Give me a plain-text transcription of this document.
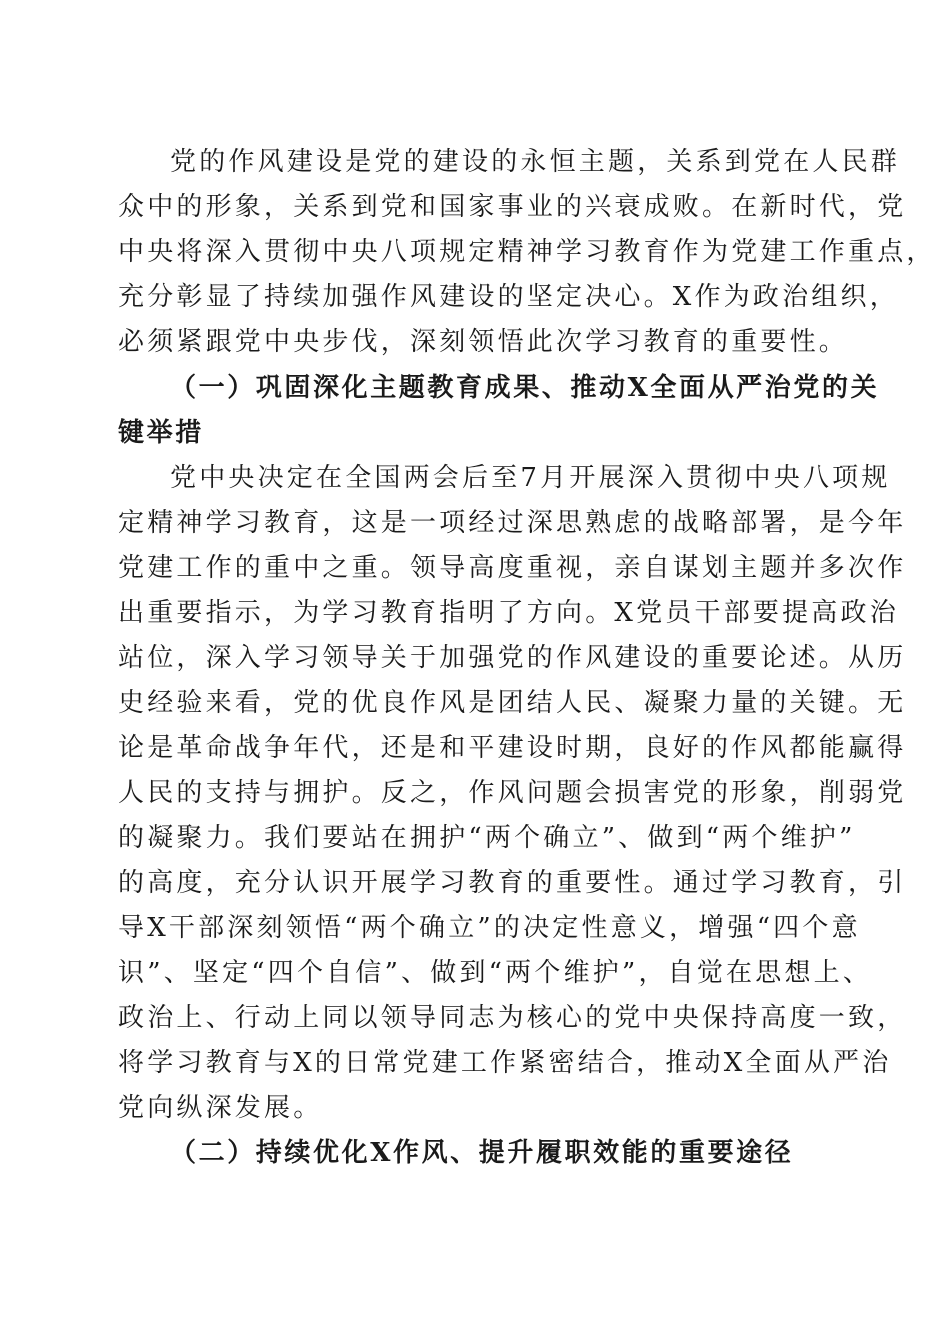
党的作风建设是党的建设的永恒主题，关系到党在人民群
众中的形象，关系到党和国家事业的兴衰成败。在新时代，党
中央将深入贯彻中央八项规定精神学习教育作为党建工作重点，
充分彰显了持续加强作风建设的坚定决心。X作为政治组织，
必须紧跟党中央步伐，深刻领悟此次学习教育的重要性。
（一）巩固深化主题教育成果、推动X全面从严治党的关
键举措
党中央决定在全国两会后至7月开展深入贯彻中央八项规
定精神学习教育，这是一项经过深思熟虑的战略部署，是今年
党建工作的重中之重。领导高度重视，亲自谋划主题并多次作
出重要指示，为学习教育指明了方向。X党员干部要提高政治
站位，深入学习领导关于加强党的作风建设的重要论述。从历
史经验来看，党的优良作风是团结人民、凝聚力量的关键。无
论是革命战争年代，还是和平建设时期，良好的作风都能赢得
人民的支持与拥护。反之，作风问题会损害党的形象，削弱党
的凝聚力。我们要站在拥护“两个确立”、做到“两个维护”
的高度，充分认识开展学习教育的重要性。通过学习教育，引
导X干部深刻领悟“两个确立”的决定性意义，增强“四个意
识”、坚定“四个自信”、做到“两个维护”，自觉在思想上、
政治上、行动上同以领导同志为核心的党中央保持高度一致，
将学习教育与X的日常党建工作紧密结合，推动X全面从严治
党向纵深发展。
（二）持续优化X作风、提升履职效能的重要途径
